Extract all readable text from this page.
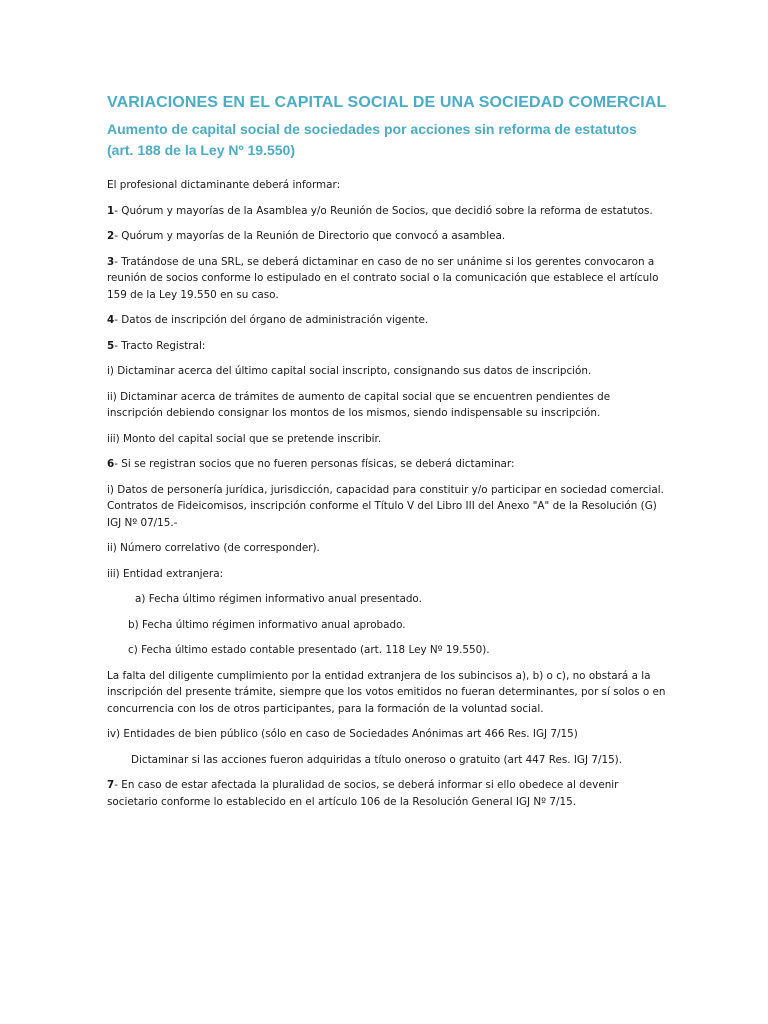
VARIACIONES EN EL CAPITAL SOCIAL DE UNA SOCIEDAD COMERCIAL
Aumento de capital social de sociedades por acciones sin reforma de estatutos (art. 188 de la Ley Nº 19.550)

El profesional dictaminante deberá informar:

1- Quórum y mayorías de la Asamblea y/o Reunión de Socios, que decidió sobre la reforma de estatutos.

2- Quórum y mayorías de la Reunión de Directorio que convocó a asamblea.

3- Tratándose de una SRL, se deberá dictaminar en caso de no ser unánime si los gerentes convocaron a reunión de socios conforme lo estipulado en el contrato social o la comunicación que establece el artículo 159 de la Ley 19.550 en su caso.

4- Datos de inscripción del órgano de administración vigente.

5- Tracto Registral:

i) Dictaminar acerca del último capital social inscripto, consignando sus datos de inscripción.

ii) Dictaminar acerca de trámites de aumento de capital social que se encuentren pendientes de inscripción debiendo consignar los montos de los mismos, siendo indispensable su inscripción.

iii) Monto del capital social que se pretende inscribir.

6- Si se registran socios que no fueren personas físicas, se deberá dictaminar:

i) Datos de personería jurídica, jurisdicción, capacidad para constituir y/o participar en sociedad comercial. Contratos de Fideicomisos, inscripción conforme el Título V del Libro III del Anexo "A" de la Resolución (G) IGJ Nº 07/15.-

ii) Número correlativo (de corresponder).

iii) Entidad extranjera:

a) Fecha último régimen informativo anual presentado.

b) Fecha último régimen informativo anual aprobado.

c) Fecha último estado contable presentado (art. 118 Ley Nº 19.550).

La falta del diligente cumplimiento por la entidad extranjera de los subincisos a), b) o c), no obstará a la inscripción del presente trámite, siempre que los votos emitidos no fueran determinantes, por sí solos o en concurrencia con los de otros participantes, para la formación de la voluntad social.

iv) Entidades de bien público (sólo en caso de Sociedades Anónimas art 466 Res. IGJ 7/15)

Dictaminar si las acciones fueron adquiridas a título oneroso o gratuito (art 447 Res. IGJ 7/15).

7- En caso de estar afectada la pluralidad de socios, se deberá informar si ello obedece al devenir societario conforme lo establecido en el artículo 106 de la Resolución General IGJ Nº 7/15.
